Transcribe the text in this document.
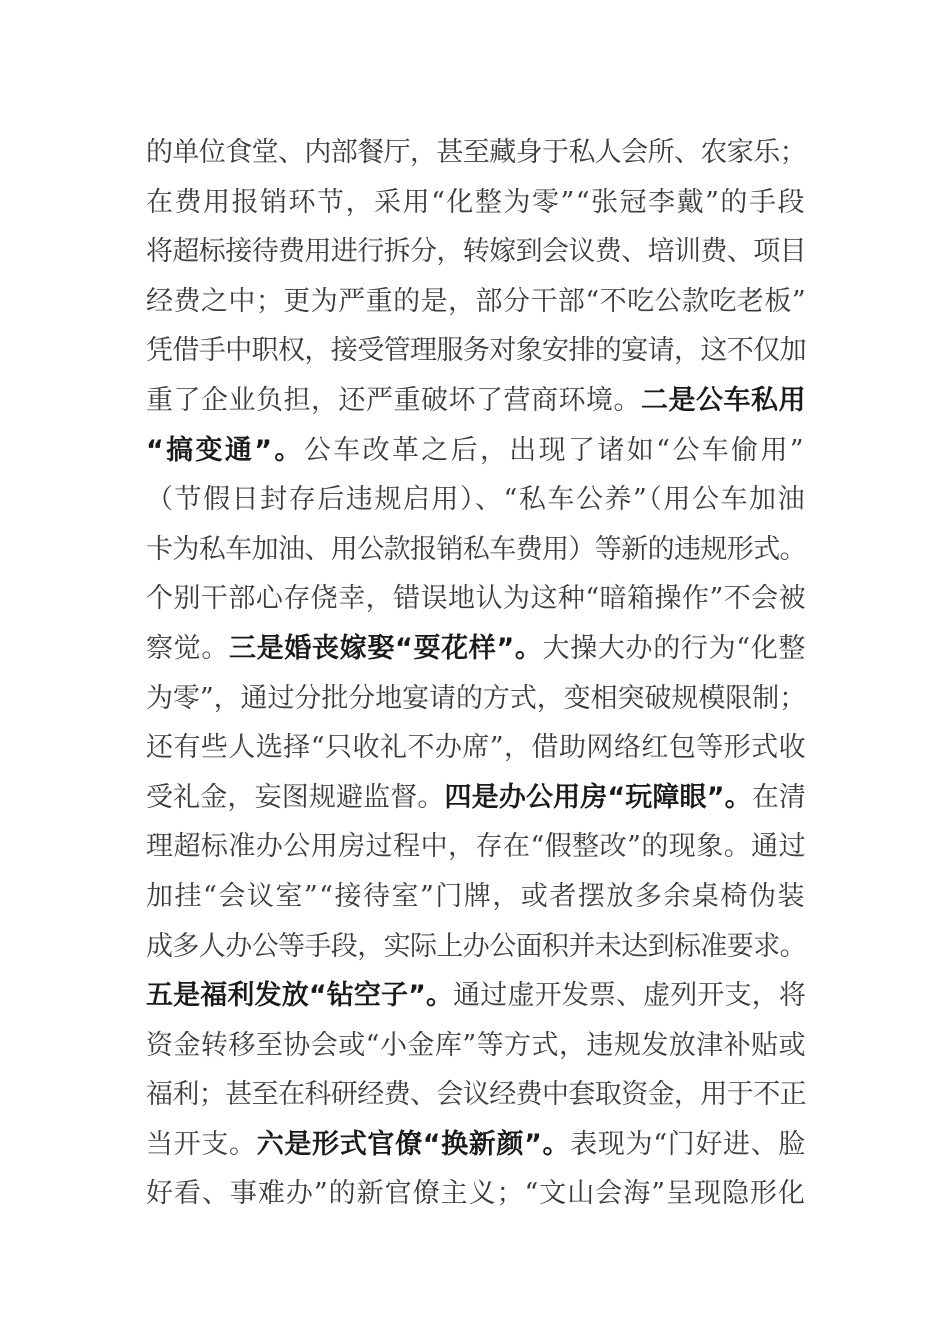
的单位食堂、内部餐厅，甚至藏身于私人会所、农家乐；
在费用报销环节，采用“化整为零”“张冠李戴”的手段
将超标接待费用进行拆分，转嫁到会议费、培训费、项目
经费之中；更为严重的是，部分干部“不吃公款吃老板”
凭借手中职权，接受管理服务对象安排的宴请，这不仅加
重了企业负担，还严重破坏了营商环境。二是公车私用
“搞变通”。公车改革之后，出现了诸如“公车偷用”
（节假日封存后违规启用）、“私车公养”（用公车加油
卡为私车加油、用公款报销私车费用）等新的违规形式。
个别干部心存侥幸，错误地认为这种“暗箱操作”不会被
察觉。三是婚丧嫁娶“耍花样”。大操大办的行为“化整
为零”，通过分批分地宴请的方式，变相突破规模限制；
还有些人选择“只收礼不办席”，借助网络红包等形式收
受礼金，妄图规避监督。四是办公用房“玩障眼”。在清
理超标准办公用房过程中，存在“假整改”的现象。通过
加挂“会议室”“接待室”门牌，或者摆放多余桌椅伪装
成多人办公等手段，实际上办公面积并未达到标准要求。
五是福利发放“钻空子”。通过虚开发票、虚列开支，将
资金转移至协会或“小金库”等方式，违规发放津补贴或
福利；甚至在科研经费、会议经费中套取资金，用于不正
当开支。六是形式官僚“换新颜”。表现为“门好进、脸
好看、事难办”的新官僚主义；“文山会海”呈现隐形化
